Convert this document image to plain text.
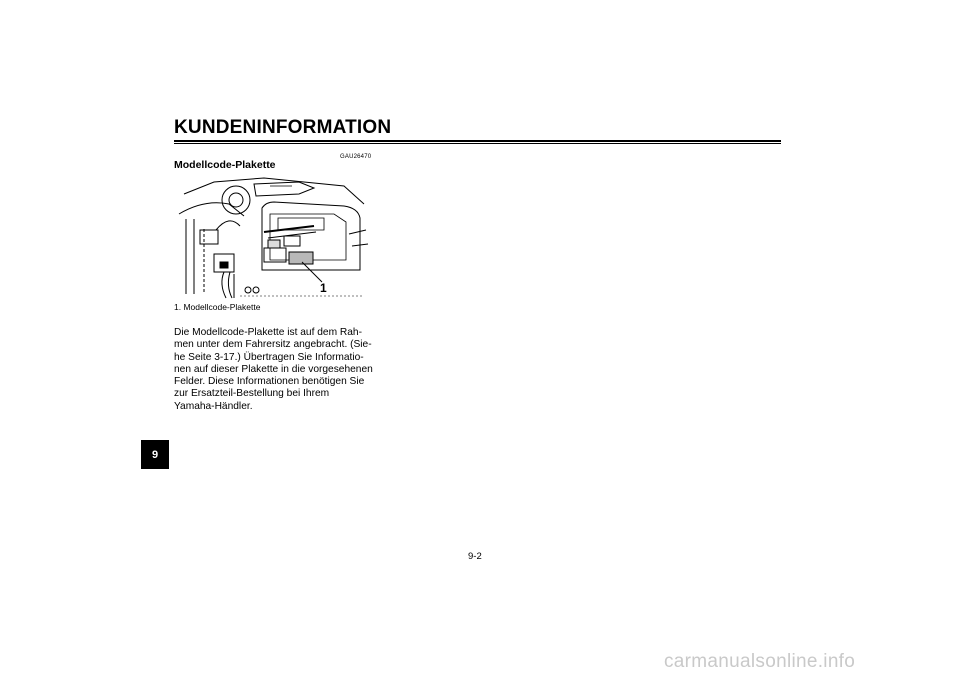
KUNDENINFORMATION
9
GAU26470
Modellcode-Plakette
1
1. Modellcode-Plakette
Die Modellcode-Plakette ist auf dem Rah-
men unter dem Fahrersitz angebracht. (Sie-
he Seite 3-17.) Übertragen Sie Informatio-
nen auf dieser Plakette in die vorgesehenen
Felder. Diese Informationen benötigen Sie
zur Ersatzteil-Bestellung bei Ihrem
Yamaha-Händler.
9-2
carmanualsonline.info
